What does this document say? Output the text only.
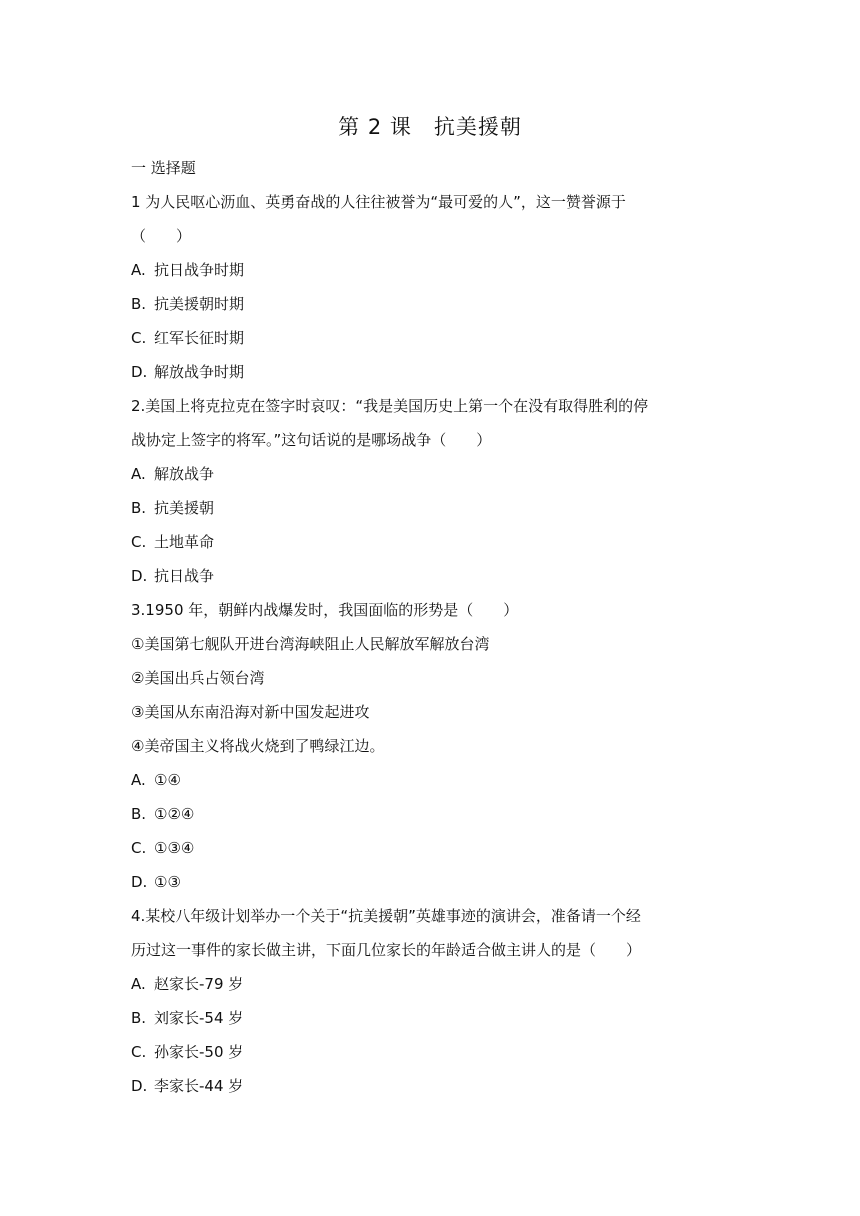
第 2 课　抗美援朝
一 选择题
1 为人民呕心沥血、英勇奋战的人往往被誉为“最可爱的人”，这一赞誉源于
（　　）
A. 抗日战争时期
B. 抗美援朝时期
C. 红军长征时期
D. 解放战争时期
2.美国上将克拉克在签字时哀叹：“我是美国历史上第一个在没有取得胜利的停
战协定上签字的将军。”这句话说的是哪场战争（　　）
A. 解放战争
B. 抗美援朝
C. 土地革命
D. 抗日战争
3.1950 年，朝鲜内战爆发时，我国面临的形势是（　　）
①美国第七舰队开进台湾海峡阻止人民解放军解放台湾
②美国出兵占领台湾
③美国从东南沿海对新中国发起进攻
④美帝国主义将战火烧到了鸭绿江边。
A. ①④
B. ①②④
C. ①③④
D. ①③
4.某校八年级计划举办一个关于“抗美援朝”英雄事迹的演讲会，准备请一个经
历过这一事件的家长做主讲，下面几位家长的年龄适合做主讲人的是（　　）
A. 赵家长-79 岁
B. 刘家长-54 岁
C. 孙家长-50 岁
D. 李家长-44 岁
